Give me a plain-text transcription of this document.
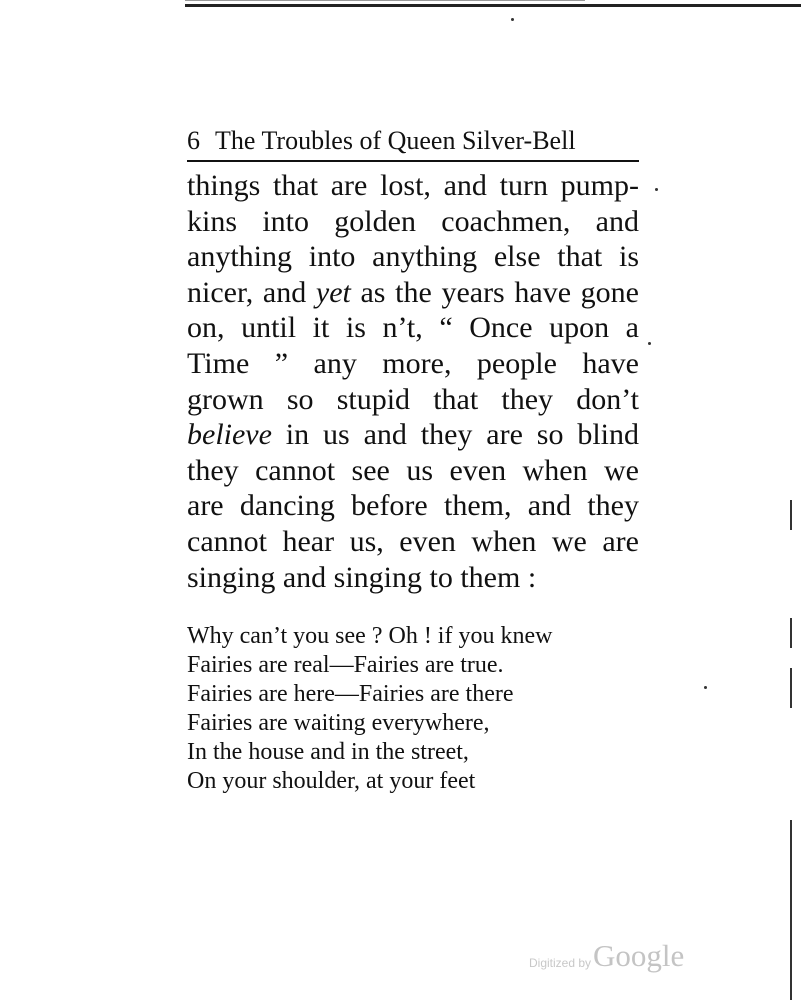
6 The Troubles of Queen Silver-Bell
things that are lost, and turn pump-
kins into golden coachmen, and
anything into anything else that is
nicer, and yet as the years have gone
on, until it is n’t, “ Once upon a
Time ” any more, people have
grown so stupid that they don’t
believe in us and they are so blind
they cannot see us even when we
are dancing before them, and they
cannot hear us, even when we are
singing and singing to them :
Why can’t you see ? Oh ! if you knew
Fairies are real—Fairies are true.
Fairies are here—Fairies are there
Fairies are waiting everywhere,
In the house and in the street,
On your shoulder, at your feet
Digitized by Google
